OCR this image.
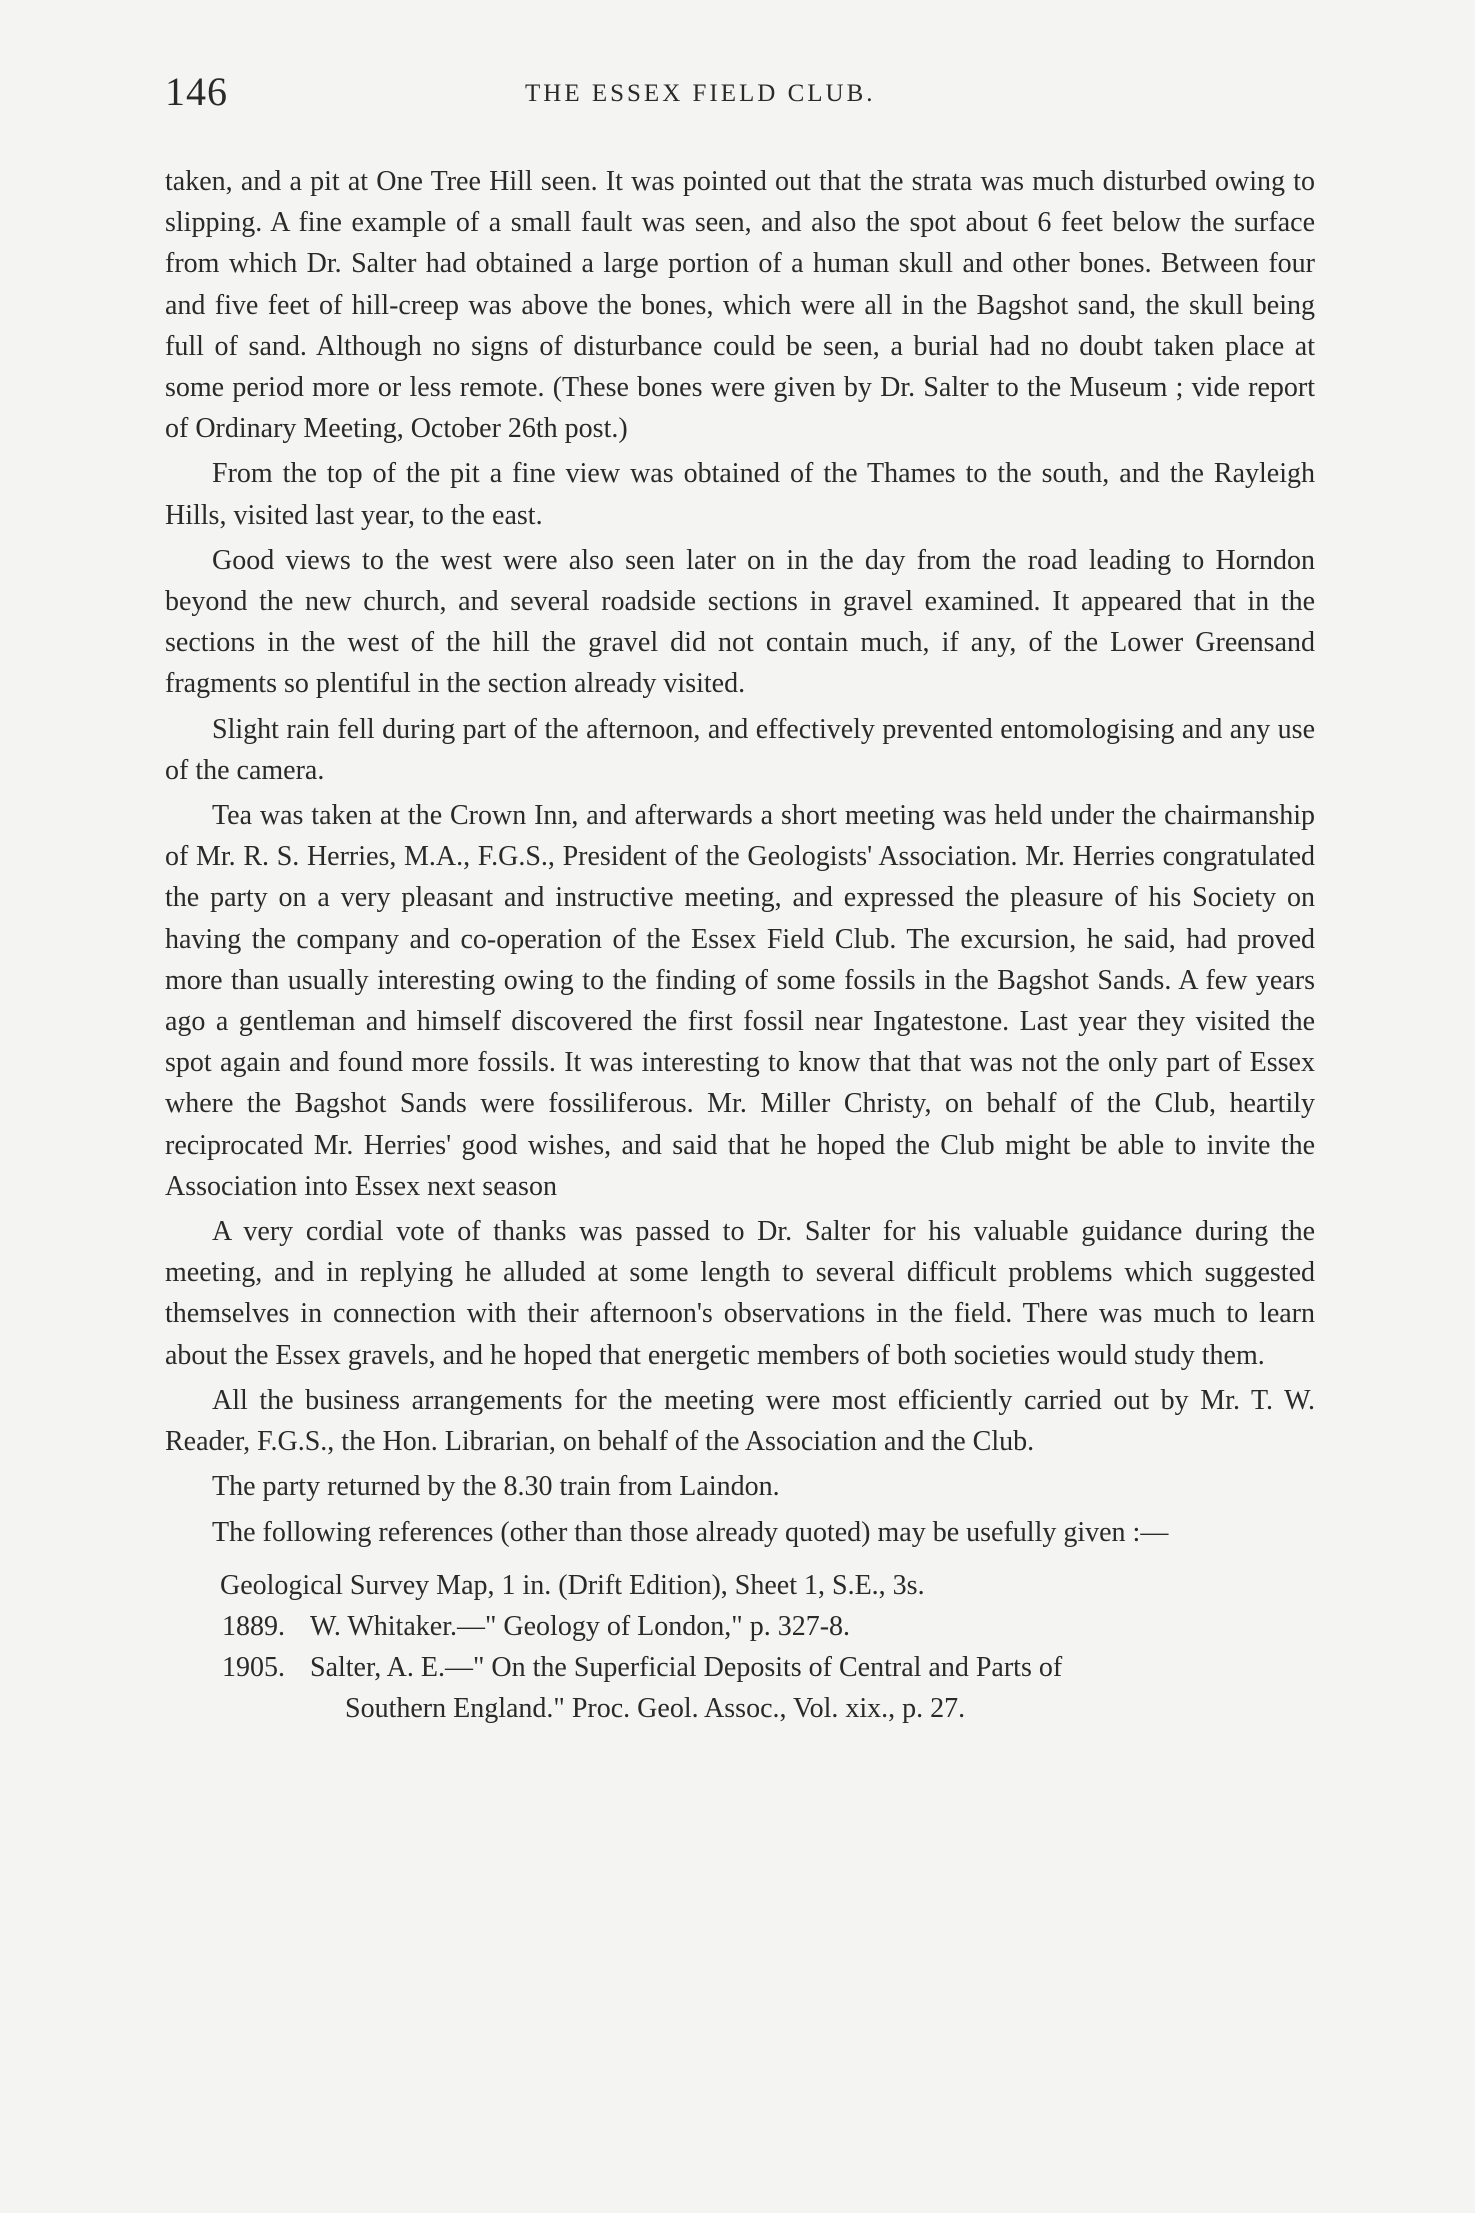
146	THE ESSEX FIELD CLUB.

taken, and a pit at One Tree Hill seen. It was pointed out that the strata was much disturbed owing to slipping. A fine example of a small fault was seen, and also the spot about 6 feet below the surface from which Dr. Salter had obtained a large portion of a human skull and other bones. Between four and five feet of hill-creep was above the bones, which were all in the Bagshot sand, the skull being full of sand. Although no signs of disturbance could be seen, a burial had no doubt taken place at some period more or less remote. (These bones were given by Dr. Salter to the Museum ; vide report of Ordinary Meeting, October 26th post.)

From the top of the pit a fine view was obtained of the Thames to the south, and the Rayleigh Hills, visited last year, to the east.

Good views to the west were also seen later on in the day from the road leading to Horndon beyond the new church, and several roadside sections in gravel examined. It appeared that in the sections in the west of the hill the gravel did not contain much, if any, of the Lower Greensand fragments so plentiful in the section already visited.

Slight rain fell during part of the afternoon, and effectively prevented entomologising and any use of the camera.

Tea was taken at the Crown Inn, and afterwards a short meeting was held under the chairmanship of Mr. R. S. Herries, M.A., F.G.S., President of the Geologists' Association. Mr. Herries congratulated the party on a very pleasant and instructive meeting, and expressed the pleasure of his Society on having the company and co-operation of the Essex Field Club. The excursion, he said, had proved more than usually interesting owing to the finding of some fossils in the Bagshot Sands. A few years ago a gentleman and himself discovered the first fossil near Ingatestone. Last year they visited the spot again and found more fossils. It was interesting to know that that was not the only part of Essex where the Bagshot Sands were fossiliferous. Mr. Miller Christy, on behalf of the Club, heartily reciprocated Mr. Herries' good wishes, and said that he hoped the Club might be able to invite the Association into Essex next season

A very cordial vote of thanks was passed to Dr. Salter for his valuable guidance during the meeting, and in replying he alluded at some length to several difficult problems which suggested themselves in connection with their afternoon's observations in the field. There was much to learn about the Essex gravels, and he hoped that energetic members of both societies would study them.

All the business arrangements for the meeting were most efficiently carried out by Mr. T. W. Reader, F.G.S., the Hon. Librarian, on behalf of the Association and the Club.

The party returned by the 8.30 train from Laindon.

The following references (other than those already quoted) may be usefully given :—

Geological Survey Map, 1 in. (Drift Edition), Sheet 1, S.E., 3s.
1889. W. Whitaker.—" Geology of London," p. 327-8.
1905. Salter, A. E.—" On the Superficial Deposits of Central and Parts of
Southern England." Proc. Geol. Assoc., Vol. xix., p. 27.
